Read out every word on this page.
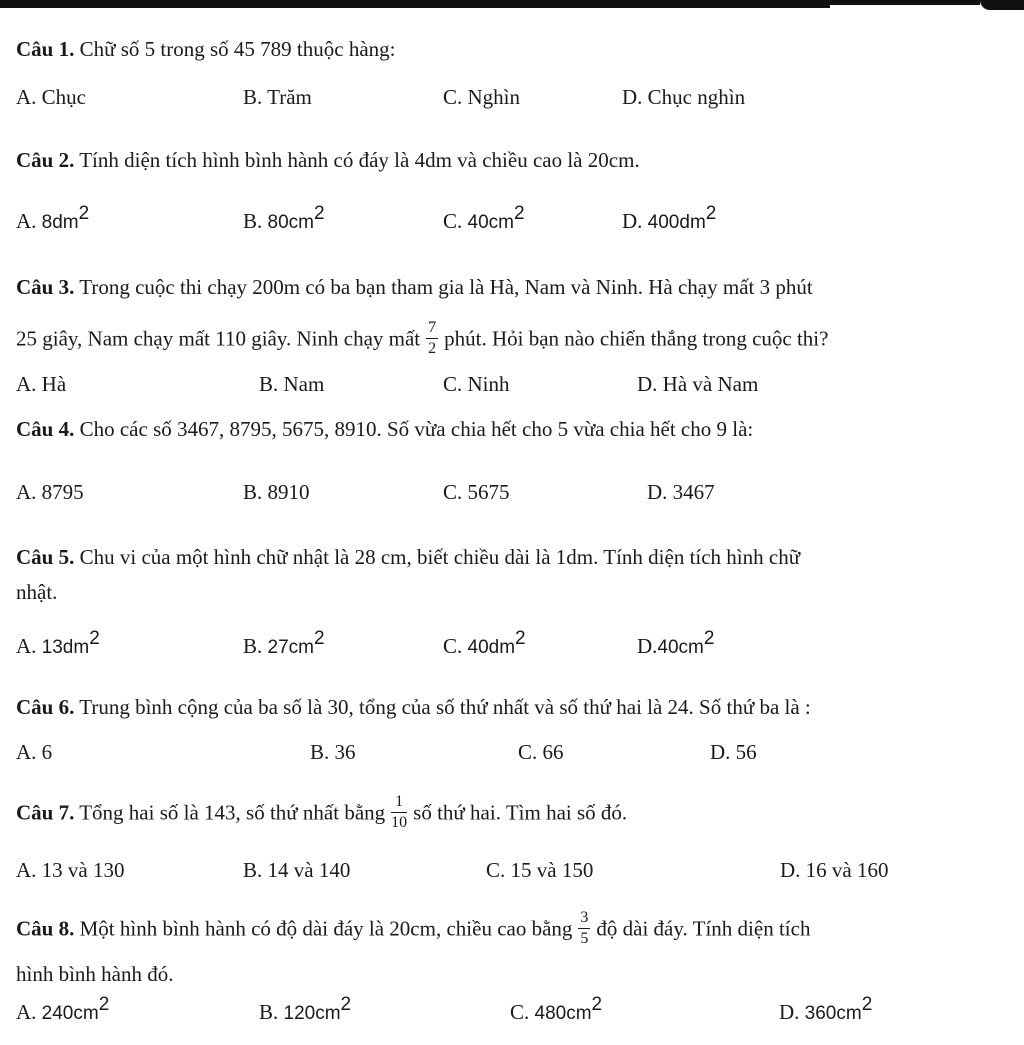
Câu 1. Chữ số 5 trong số 45 789 thuộc hàng:
A. Chục	B. Trăm	C. Nghìn	D. Chục nghìn
Câu 2. Tính diện tích hình bình hành có đáy là 4dm và chiều cao là 20cm.
A. $8dm^2$	B. $80cm^2$	C. $40cm^2$	D. $400dm^2$
Câu 3. Trong cuộc thi chạy 200m có ba bạn tham gia là Hà, Nam và Ninh. Hà chạy mất 3 phút
25 giây, Nam chạy mất 110 giây. Ninh chạy mất $\frac{7}{2}$ phút. Hỏi bạn nào chiến thắng trong cuộc thi?
A. Hà	B. Nam	C. Ninh	D. Hà và Nam
Câu 4. Cho các số 3467, 8795, 5675, 8910. Số vừa chia hết cho 5 vừa chia hết cho 9 là:
A. 8795	B. 8910	C. 5675	D. 3467
Câu 5. Chu vi của một hình chữ nhật là 28 cm, biết chiều dài là 1dm. Tính diện tích hình chữ
nhật.
A. $13dm^2$	B. $27cm^2$	C. $40dm^2$	$D.40cm^2$
Câu 6. Trung bình cộng của ba số là 30, tổng của số thứ nhất và số thứ hai là 24. Số thứ ba là :
A. 6	B. 36	C. 66	D. 56
Câu 7. Tổng hai số là 143, số thứ nhất bằng $\frac{1}{10}$ số thứ hai. Tìm hai số đó.
A. 13 và 130	B. 14 và 140	C. 15 và 150	D. 16 và 160
Câu 8. Một hình bình hành có độ dài đáy là 20cm, chiều cao bằng $\frac{3}{5}$ độ dài đáy. Tính diện tích
hình bình hành đó.
A. $240cm^2$	B. $120cm^2$	C. $480cm^2$	D. $360cm^2$
